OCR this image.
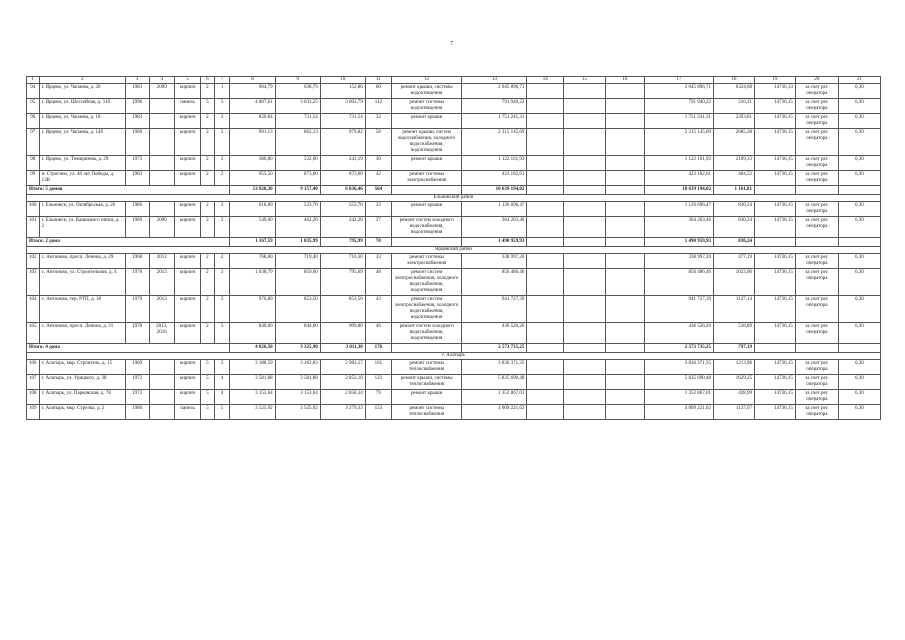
7
1	2	3	4	5	6	7	8	9	10	11	12	13	14	15	16	17	18	19	20	21
94	г. Ярцево, ул. Чапаева, д. 20	1983	2009	кирпич	2	1	964,79	638,79	152,86	60	ремонт крыши, системы водоотведения	2 045 896,71				2 045 896,71	6324,68	14736,13	за счет рег. оператора	6,30
95	г. Ярцево, ул. Шоссейная, д. 11б	1996		панель	5	3	4 887,61	3 633,25	3 002,79	112	ремонт системы водоотведения	791 940,22				791 940,22	216,31	14736,15	за счет рег. оператора	6,30
96	г. Ярцево, ул. Чапаева, д. 18	1983		кирпич	2	2	820,84	731,54	731,54	32	ремонт крыши	1 751 241,31				1 751 241,31	2393,81	14736,15	за счет рег. оператора	6,30
97	г. Ярцево, ул. Чапаева, д. 14б	1980		кирпич	2	3	991,13	862,13	979,82	58	ремонт крыши, систем водоснабжения, холодного водоснабжения, водоотведения	2 315 145,69				2 315 145,69	2685,38	14736,15	за счет рег. оператора	6,30
98	г. Ярцево, ул. Тимирязева, д. 29	1973		кирпич	2	2	380,80	532,00	243,19	30	ремонт крыши	1 122 161,93				1 122 161,93	2109,33	14736,15	за счет рег. оператора	6,30
99	п. Строгино, ул. 40 лет Победы, д. 13В	1983		кирпич	2	2	955,50	873,60	873,60	42	ремонт системы электроснабжения	423 182,61				423 182,61	484,52	14736,15	за счет рег. оператора	6,30
Итого: 5 домов							13 928,30	9 157,40	6 836,46	564		10 639 194,02				10 639 194,02	1 161,81			
Ельнинский район																				
100	г. Ельнинск, ул. Октябрьская, д. 26	1986		кирпич	2	2	618,80	533,70	553,70	33	ремонт крыши	1 126 696,47				1 126 696,47	830,24	14736,15	за счет рег. оператора	6,30
101	г. Ельнинск, ул. Кашицкого пятки, д. 2	1989	2000	кирпич	2	2	549,60	462,20	242,20	37	ремонт систем холодного водоснабжения, водоотведения	364 263,46				364 263,46	830,24	14736,15	за счет рег. оператора	6,30
Итого: 2 дома							1 167,59	1 035,99	795,99	70		1 490 959,93				1 490 959,93	830,24			
Ярцевский район																				
102	с. Антоново, просп. Ленина, д. 29	1968	2012	кирпич	2	2	768,80	719,40	710,30	33	ремонт системы электроснабжения	338 997,20				338 997,20	477,19	14736,15	за счет рег. оператора	6,30
103	с. Антоново, ул. Строительная, д. 4	1976	2013	кирпич	2	3	1 038,79	859,00	795,69	48	ремонт систем электроснабжения, холодного водоснабжения, водоотведения	856 486,46				856 486,46	1023,96	14736,15	за счет рег. оператора	6,30
104	с. Антоново, тер. РТП, д. 36	1979	2013	кирпич	2	2	976,80	853,50	853,50	43	ремонт систем электроснабжения, холодного водоснабжения, водоотведения	941 727,39				941 727,39	1127,14	14736,15	за счет рег. оператора	6,30
105	с. Антоново, просп. Ленина, д. 31	1978	2013, 2016	кирпич	2	3	840,60	844,60	909,80	46	ремонт систем холодного водоснабжения, водоотведения	436 526,20				436 526,20	518,89	14736,15	за счет рег. оператора	6,30
Итого: 4 дома							4 026,50	3 325,90	3 011,30	176		2 573 735,25				2 573 735,25	797,19			
г. Алатырь																				
106	г. Алатырь, мкр. Строитель, д. 15	1969		кирпич	5	2	3 188,59	3 162,83	2 983,17	161	ремонт системы теплоснабжения	3 836 371,35				3 836 371,35	1213,96	14736,15	за счет рег. оператора	6,30
107	г. Алатырь, ул. Урицкого, д. 38	1972		кирпич	5	4	3 581,88	3 581,88	2 853,10	123	ремонт крыши, системы теплоснабжения	5 835 690,48				5 835 690,48	1629,25	14736,15	за счет рег. оператора	6,30
108	г. Алатырь, ул. Парковская, д. 78	1972		кирпич	5	4	3 153,64	3 153,64	2 858,34	79	ремонт крыши	1 352 867,01				1 352 867,01	428,99	14736,15	за счет рег. оператора	6,30
109	г. Алатырь, мкр. Стрелка, д. 2	1980		панель	5	5	3 525,92	3 525,92	3 279,33	153	ремонт системы теплоснабжения	4 009 221,62				4 009 221,62	1137,07	14736,15	за счет рег. оператора	6,30
